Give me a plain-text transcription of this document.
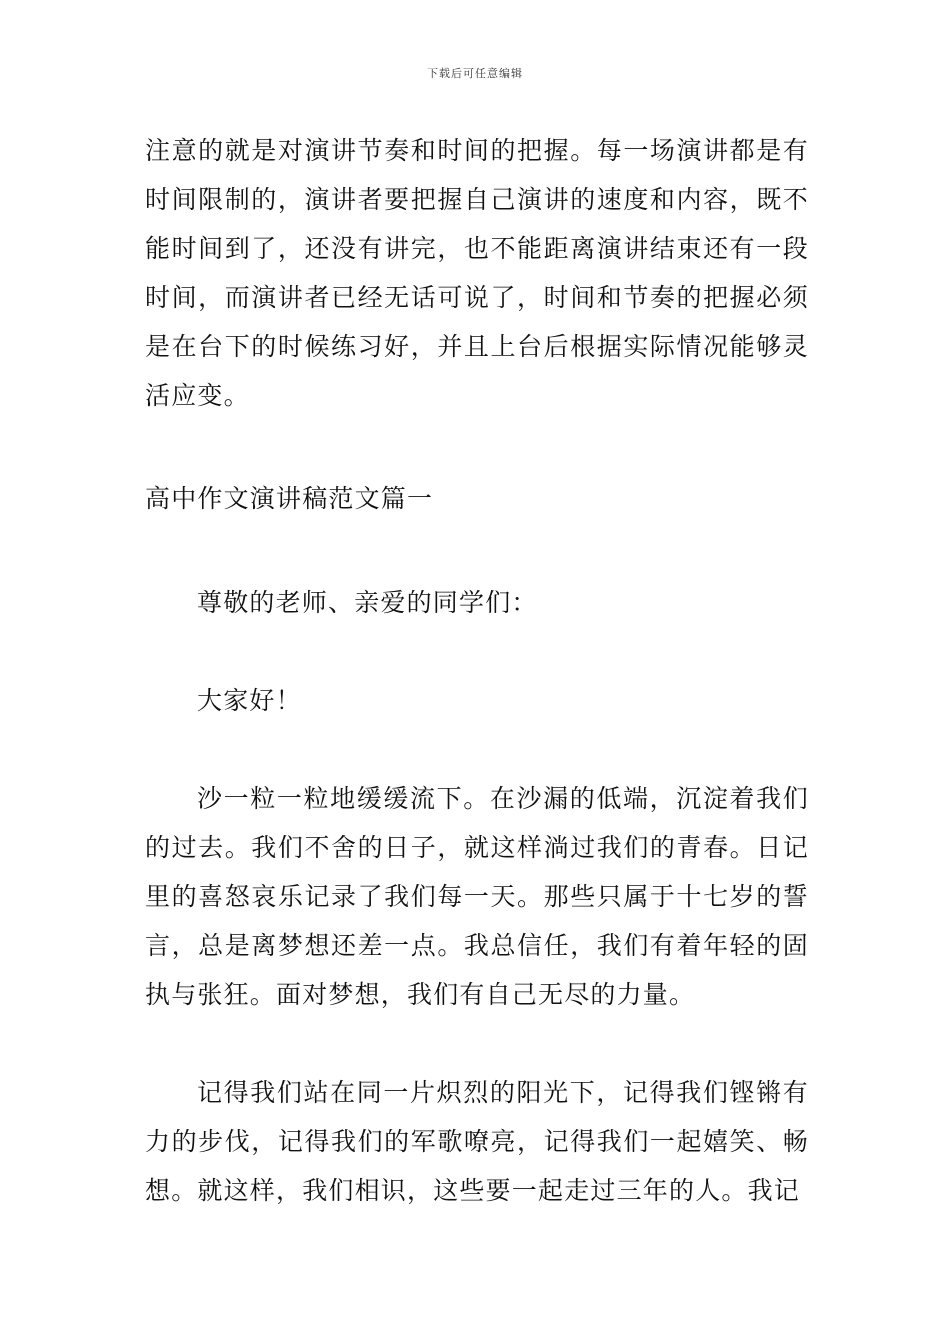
下载后可任意编辑
注意的就是对演讲节奏和时间的把握。每一场演讲都是有时间限制的，演讲者要把握自己演讲的速度和内容，既不能时间到了，还没有讲完，也不能距离演讲结束还有一段时间，而演讲者已经无话可说了，时间和节奏的把握必须是在台下的时候练习好，并且上台后根据实际情况能够灵活应变。
高中作文演讲稿范文篇一
尊敬的老师、亲爱的同学们：
大家好！
沙一粒一粒地缓缓流下。在沙漏的低端，沉淀着我们的过去。我们不舍的日子，就这样淌过我们的青春。日记里的喜怒哀乐记录了我们每一天。那些只属于十七岁的誓言，总是离梦想还差一点。我总信任，我们有着年轻的固执与张狂。面对梦想，我们有自己无尽的力量。
记得我们站在同一片炽烈的阳光下，记得我们铿锵有力的步伐，记得我们的军歌嘹亮，记得我们一起嬉笑、畅想。就这样，我们相识，这些要一起走过三年的人。我记
